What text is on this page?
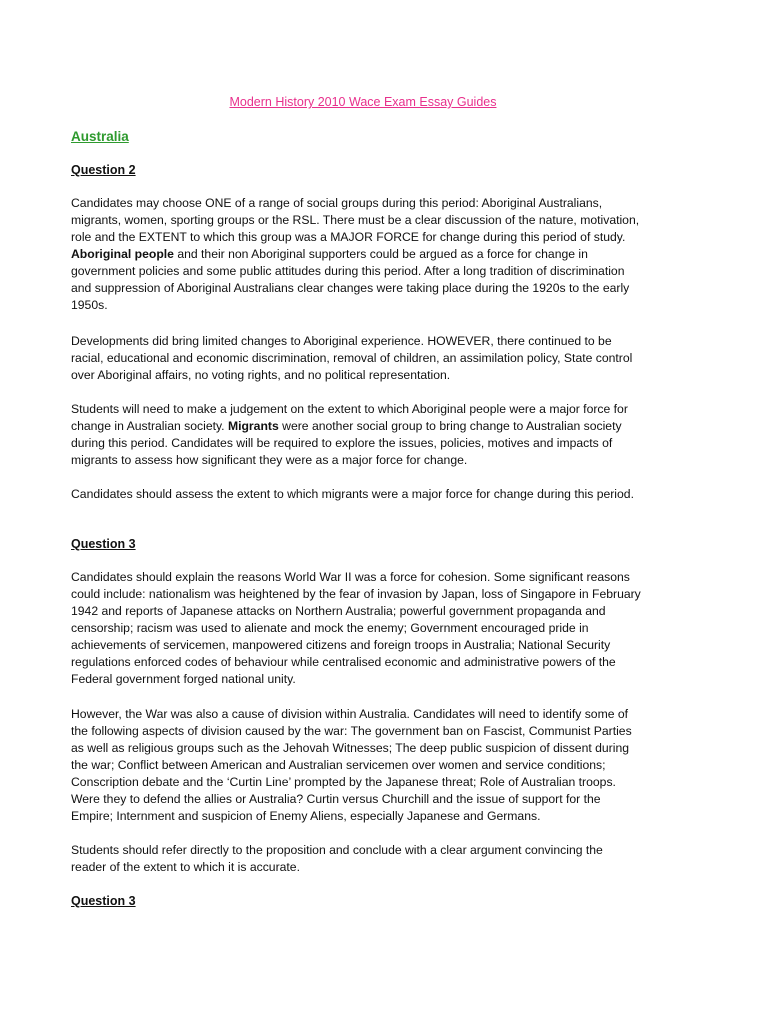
Modern History 2010 Wace Exam Essay Guides
Australia
Question 2

Candidates may choose ONE of a range of social groups during this period: Aboriginal Australians, migrants, women, sporting groups or the RSL. There must be a clear discussion of the nature, motivation, role and the EXTENT to which this group was a MAJOR FORCE for change during this period of study. Aboriginal people and their non Aboriginal supporters could be argued as a force for change in government policies and some public attitudes during this period. After a long tradition of discrimination and suppression of Aboriginal Australians clear changes were taking place during the 1920s to the early 1950s.

Developments did bring limited changes to Aboriginal experience. HOWEVER, there continued to be racial, educational and economic discrimination, removal of children, an assimilation policy, State control over Aboriginal affairs, no voting rights, and no political representation.

Students will need to make a judgement on the extent to which Aboriginal people were a major force for change in Australian society. Migrants were another social group to bring change to Australian society during this period. Candidates will be required to explore the issues, policies, motives and impacts of migrants to assess how significant they were as a major force for change.

Candidates should assess the extent to which migrants were a major force for change during this period.

Question 3

Candidates should explain the reasons World War II was a force for cohesion. Some significant reasons could include: nationalism was heightened by the fear of invasion by Japan, loss of Singapore in February 1942 and reports of Japanese attacks on Northern Australia; powerful government propaganda and censorship; racism was used to alienate and mock the enemy; Government encouraged pride in achievements of servicemen, manpowered citizens and foreign troops in Australia; National Security regulations enforced codes of behaviour while centralised economic and administrative powers of the Federal government forged national unity.

However, the War was also a cause of division within Australia. Candidates will need to identify some of the following aspects of division caused by the war: The government ban on Fascist, Communist Parties as well as religious groups such as the Jehovah Witnesses; The deep public suspicion of dissent during the war; Conflict between American and Australian servicemen over women and service conditions; Conscription debate and the ‘Curtin Line’ prompted by the Japanese threat; Role of Australian troops. Were they to defend the allies or Australia? Curtin versus Churchill and the issue of support for the Empire; Internment and suspicion of Enemy Aliens, especially Japanese and Germans.

Students should refer directly to the proposition and conclude with a clear argument convincing the reader of the extent to which it is accurate.

Question 3
